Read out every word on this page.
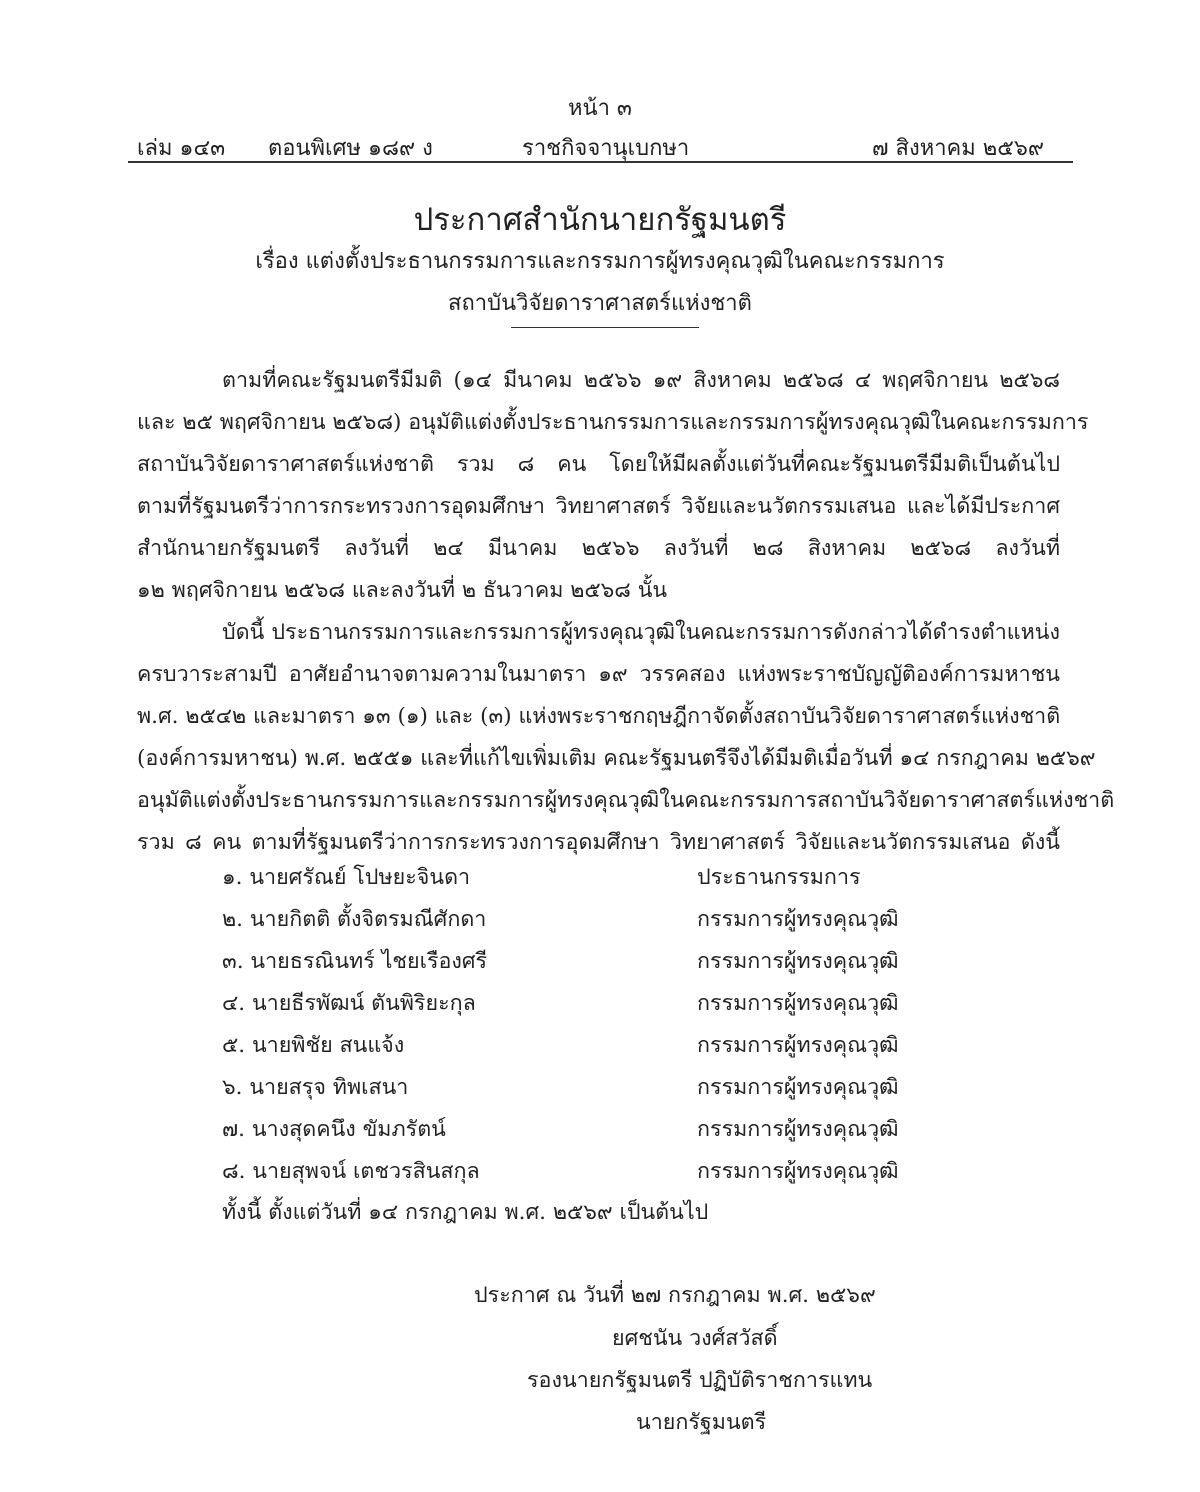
หน้า ๓
เล่ม ๑๔๓ ตอนพิเศษ ๑๘๙ ง	ราชกิจจานุเบกษา	๗ สิงหาคม ๒๕๖๙
ประกาศสำนักนายกรัฐมนตรี
เรื่อง แต่งตั้งประธานกรรมการและกรรมการผู้ทรงคุณวุฒิในคณะกรรมการ
สถาบันวิจัยดาราศาสตร์แห่งชาติ
ตามที่คณะรัฐมนตรีมีมติ (๑๔ มีนาคม ๒๕๖๖ ๑๙ สิงหาคม ๒๕๖๘ ๔ พฤศจิกายน ๒๕๖๘
และ ๒๕ พฤศจิกายน ๒๕๖๘) อนุมัติแต่งตั้งประธานกรรมการและกรรมการผู้ทรงคุณวุฒิในคณะกรรมการ
สถาบันวิจัยดาราศาสตร์แห่งชาติ รวม ๘ คน โดยให้มีผลตั้งแต่วันที่คณะรัฐมนตรีมีมติเป็นต้นไป
ตามที่รัฐมนตรีว่าการกระทรวงการอุดมศึกษา วิทยาศาสตร์ วิจัยและนวัตกรรมเสนอ และได้มีประกาศ
สำนักนายกรัฐมนตรี ลงวันที่ ๒๔ มีนาคม ๒๕๖๖ ลงวันที่ ๒๘ สิงหาคม ๒๕๖๘ ลงวันที่
๑๒ พฤศจิกายน ๒๕๖๘ และลงวันที่ ๒ ธันวาคม ๒๕๖๘ นั้น
บัดนี้ ประธานกรรมการและกรรมการผู้ทรงคุณวุฒิในคณะกรรมการดังกล่าวได้ดำรงตำแหน่ง
ครบวาระสามปี อาศัยอำนาจตามความในมาตรา ๑๙ วรรคสอง แห่งพระราชบัญญัติองค์การมหาชน
พ.ศ. ๒๕๔๒ และมาตรา ๑๓ (๑) และ (๓) แห่งพระราชกฤษฎีกาจัดตั้งสถาบันวิจัยดาราศาสตร์แห่งชาติ
(องค์การมหาชน) พ.ศ. ๒๕๕๑ และที่แก้ไขเพิ่มเติม คณะรัฐมนตรีจึงได้มีมติเมื่อวันที่ ๑๔ กรกฎาคม ๒๕๖๙
อนุมัติแต่งตั้งประธานกรรมการและกรรมการผู้ทรงคุณวุฒิในคณะกรรมการสถาบันวิจัยดาราศาสตร์แห่งชาติ
รวม ๘ คน ตามที่รัฐมนตรีว่าการกระทรวงการอุดมศึกษา วิทยาศาสตร์ วิจัยและนวัตกรรมเสนอ ดังนี้
๑. นายศรัณย์ โปษยะจินดา	ประธานกรรมการ
๒. นายกิตติ ตั้งจิตรมณีศักดา	กรรมการผู้ทรงคุณวุฒิ
๓. นายธรณินทร์ ไชยเรืองศรี	กรรมการผู้ทรงคุณวุฒิ
๔. นายธีรพัฒน์ ตันพิริยะกุล	กรรมการผู้ทรงคุณวุฒิ
๕. นายพิชัย สนแจ้ง	กรรมการผู้ทรงคุณวุฒิ
๖. นายสรุจ ทิพเสนา	กรรมการผู้ทรงคุณวุฒิ
๗. นางสุดคนึง ขัมภรัตน์	กรรมการผู้ทรงคุณวุฒิ
๘. นายสุพจน์ เตชวรสินสกุล	กรรมการผู้ทรงคุณวุฒิ
ทั้งนี้ ตั้งแต่วันที่ ๑๔ กรกฎาคม พ.ศ. ๒๕๖๙ เป็นต้นไป
ประกาศ ณ วันที่ ๒๗ กรกฎาคม พ.ศ. ๒๕๖๙
ยศชนัน วงศ์สวัสดิ์
รองนายกรัฐมนตรี ปฏิบัติราชการแทน
นายกรัฐมนตรี
